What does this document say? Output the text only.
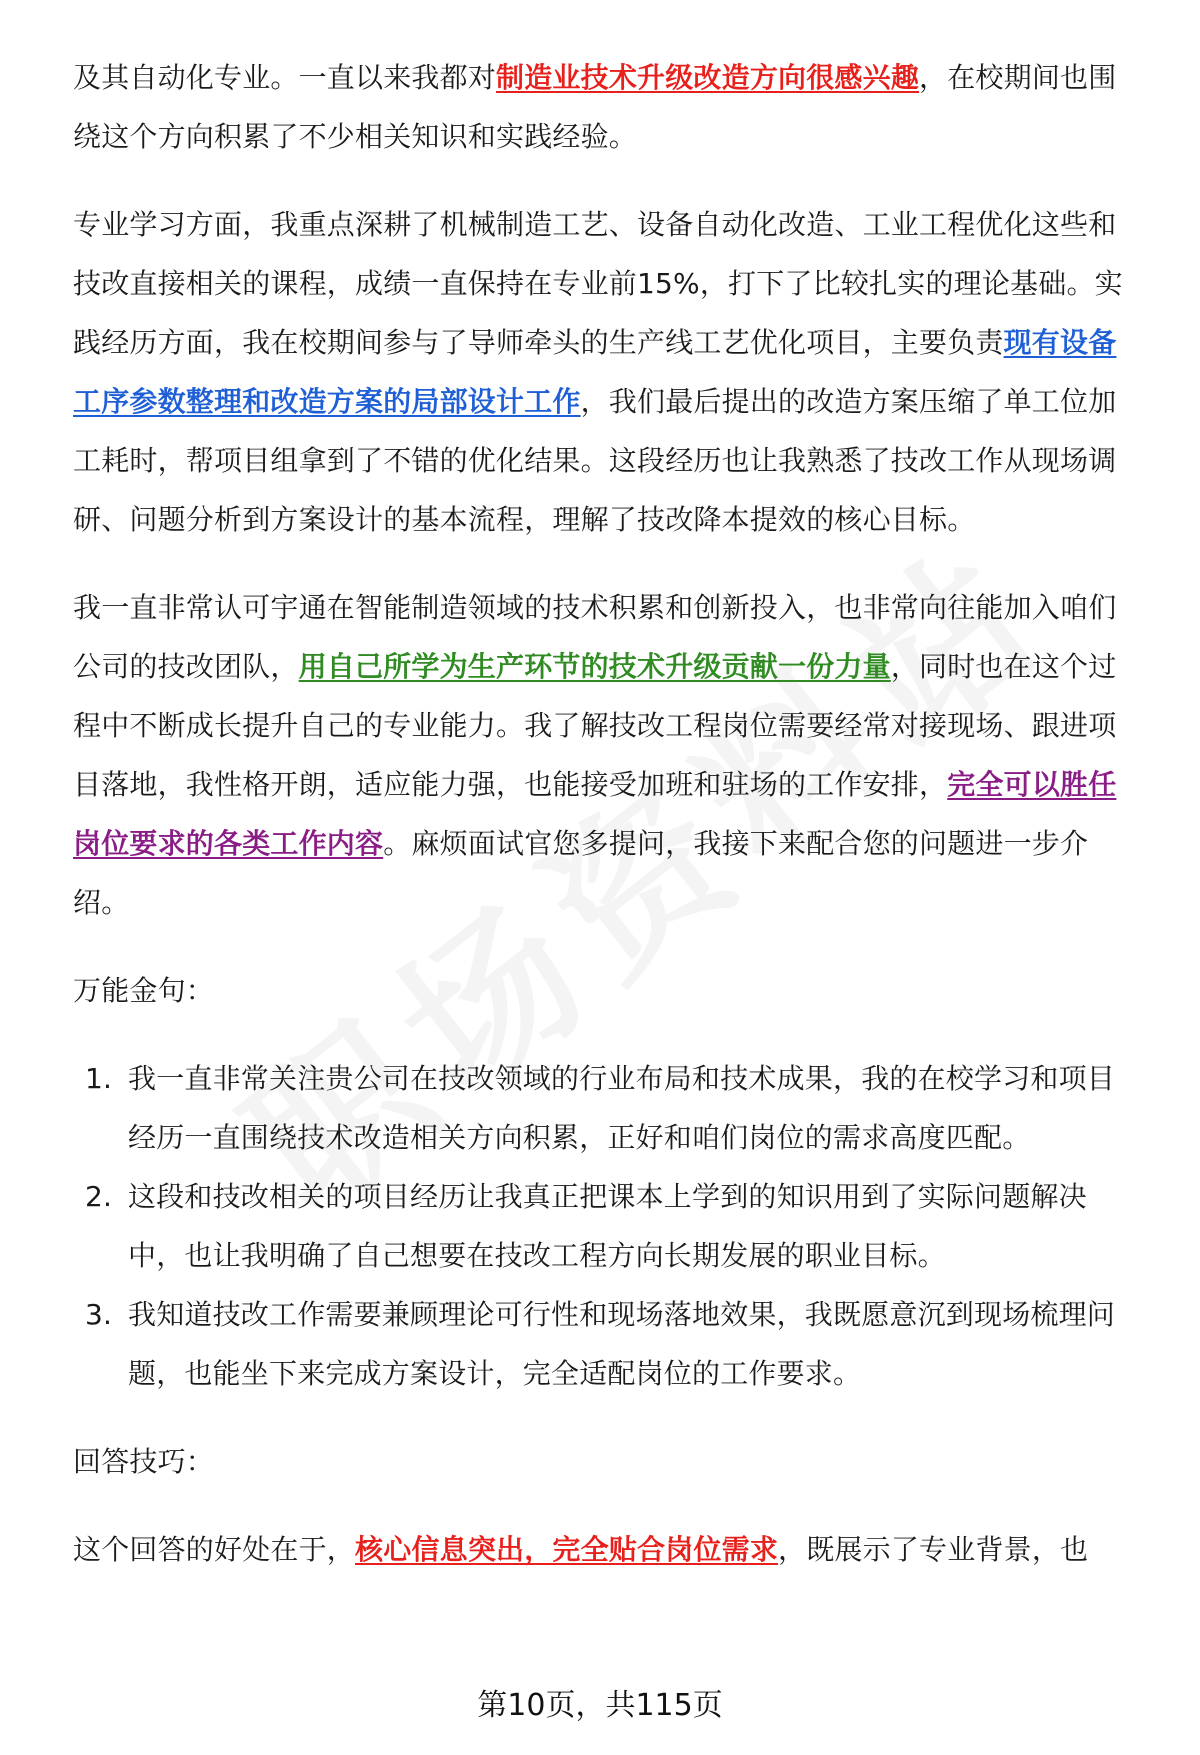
及其自动化专业。一直以来我都对制造业技术升级改造方向很感兴趣，在校期间也围绕这个方向积累了不少相关知识和实践经验。

专业学习方面，我重点深耕了机械制造工艺、设备自动化改造、工业工程优化这些和技改直接相关的课程，成绩一直保持在专业前15%，打下了比较扎实的理论基础。实践经历方面，我在校期间参与了导师牵头的生产线工艺优化项目，主要负责现有设备工序参数整理和改造方案的局部设计工作，我们最后提出的改造方案压缩了单工位加工耗时，帮项目组拿到了不错的优化结果。这段经历也让我熟悉了技改工作从现场调研、问题分析到方案设计的基本流程，理解了技改降本提效的核心目标。

我一直非常认可宇通在智能制造领域的技术积累和创新投入，也非常向往能加入咱们公司的技改团队，用自己所学为生产环节的技术升级贡献一份力量，同时也在这个过程中不断成长提升自己的专业能力。我了解技改工程岗位需要经常对接现场、跟进项目落地，我性格开朗，适应能力强，也能接受加班和驻场的工作安排，完全可以胜任岗位要求的各类工作内容。麻烦面试官您多提问，我接下来配合您的问题进一步介绍。

万能金句：

1. 我一直非常关注贵公司在技改领域的行业布局和技术成果，我的在校学习和项目经历一直围绕技术改造相关方向积累，正好和咱们岗位的需求高度匹配。
2. 这段和技改相关的项目经历让我真正把课本上学到的知识用到了实际问题解决中，也让我明确了自己想要在技改工程方向长期发展的职业目标。
3. 我知道技改工作需要兼顾理论可行性和现场落地效果，我既愿意沉到现场梳理问题，也能坐下来完成方案设计，完全适配岗位的工作要求。

回答技巧：

这个回答的好处在于，核心信息突出，完全贴合岗位需求，既展示了专业背景，也

第10页，共115页
